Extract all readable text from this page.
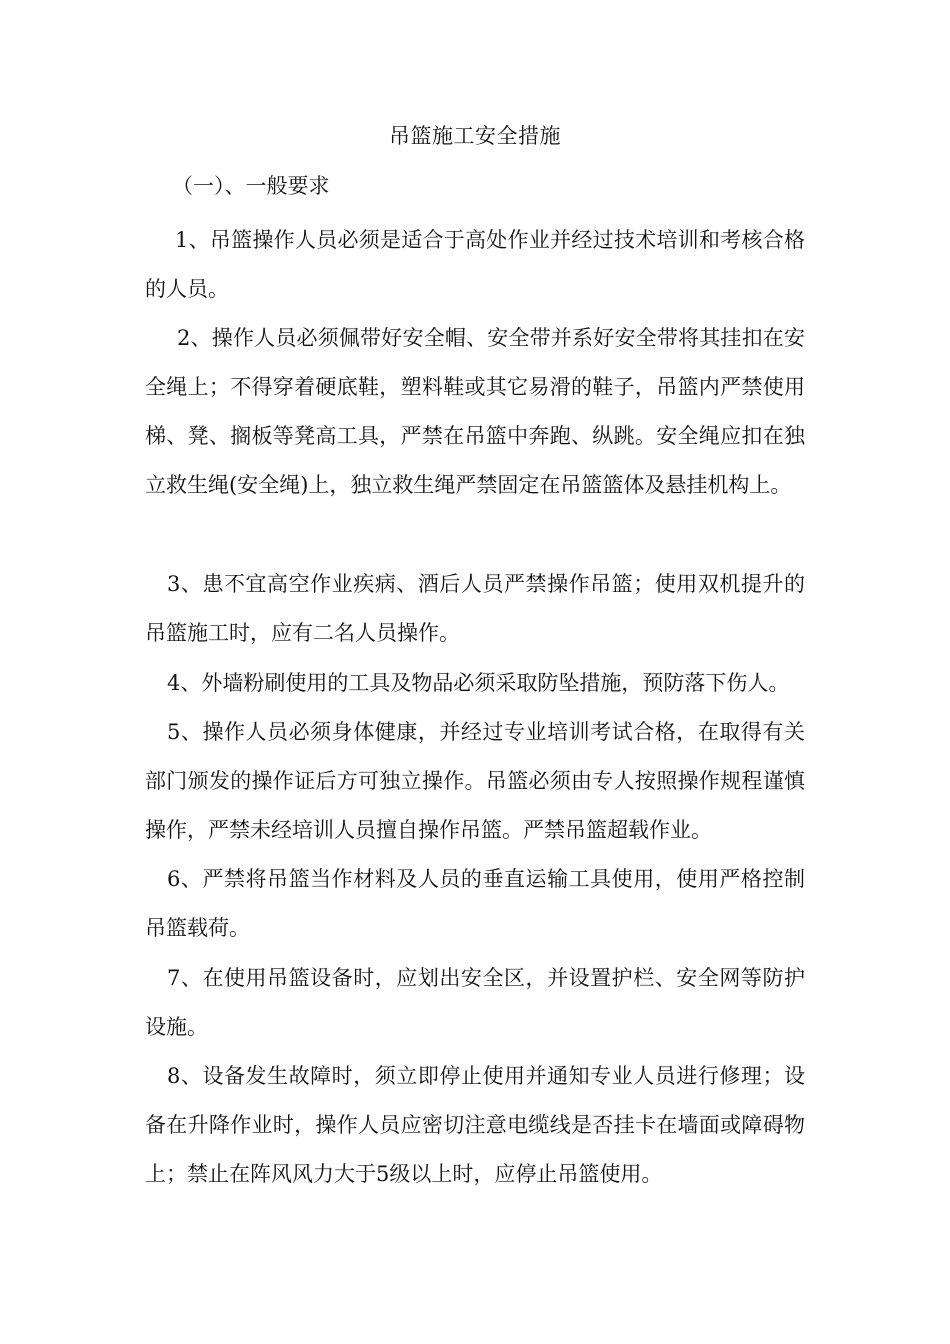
吊篮施工安全措施
（一）、一般要求

1、吊篮操作人员必须是适合于高处作业并经过技术培训和考核合格的人员。

2、操作人员必须佩带好安全帽、安全带并系好安全带将其挂扣在安全绳上；不得穿着硬底鞋，塑料鞋或其它易滑的鞋子，吊篮内严禁使用梯、凳、搁板等凳高工具，严禁在吊篮中奔跑、纵跳。安全绳应扣在独立救生绳(安全绳)上，独立救生绳严禁固定在吊篮篮体及悬挂机构上。

3、患不宜高空作业疾病、酒后人员严禁操作吊篮；使用双机提升的吊篮施工时，应有二名人员操作。

4、外墙粉刷使用的工具及物品必须采取防坠措施，预防落下伤人。

5、操作人员必须身体健康，并经过专业培训考试合格，在取得有关部门颁发的操作证后方可独立操作。吊篮必须由专人按照操作规程谨慎操作，严禁未经培训人员擅自操作吊篮。严禁吊篮超载作业。

6、严禁将吊篮当作材料及人员的垂直运输工具使用，使用严格控制吊篮载荷。

7、在使用吊篮设备时，应划出安全区，并设置护栏、安全网等防护设施。

8、设备发生故障时，须立即停止使用并通知专业人员进行修理；设备在升降作业时，操作人员应密切注意电缆线是否挂卡在墙面或障碍物上；禁止在阵风风力大于5级以上时，应停止吊篮使用。
